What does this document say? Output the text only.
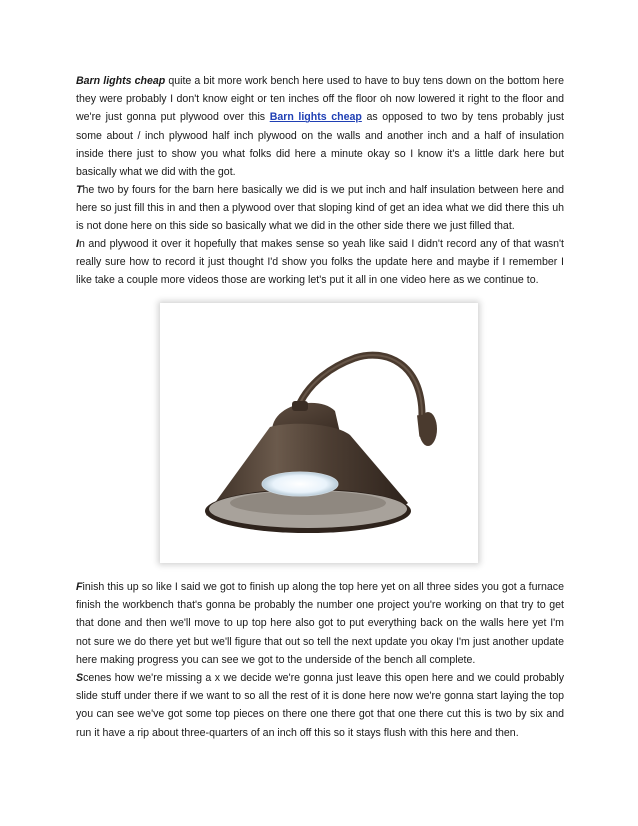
Barn lights cheap quite a bit more work bench here used to have to buy tens down on the bottom here they were probably I don't know eight or ten inches off the floor oh now lowered it right to the floor and we're just gonna put plywood over this Barn lights cheap as opposed to two by tens probably just some about / inch plywood half inch plywood on the walls and another inch and a half of insulation inside there just to show you what folks did here a minute okay so I know it's a little dark here but basically what we did with the got.

The two by fours for the barn here basically we did is we put inch and half insulation between here and here so just fill this in and then a plywood over that sloping kind of get an idea what we did there this uh is not done here on this side so basically what we did in the other side there we just filled that.

In and plywood it over it hopefully that makes sense so yeah like said I didn't record any of that wasn't really sure how to record it just thought I'd show you folks the update here and maybe if I remember I like take a couple more videos those are working let's put it all in one video here as we continue to.

Finish this up so like I said we got to finish up along the top here yet on all three sides you got a furnace finish the workbench that's gonna be probably the number one project you're working on that try to get that done and then we'll move to up top here also got to put everything back on the walls here yet I'm not sure we do there yet but we'll figure that out so tell the next update you okay I'm just another update here making progress you can see we got to the underside of the bench all complete.

Scenes how we're missing a x we decide we're gonna just leave this open here and we could probably slide stuff under there if we want to so all the rest of it is done here now we're gonna start laying the top you can see we've got some top pieces on there one there got that one there cut this is two by six and run it have a rip about three-quarters of an inch off this so it stays flush with this here and then.
